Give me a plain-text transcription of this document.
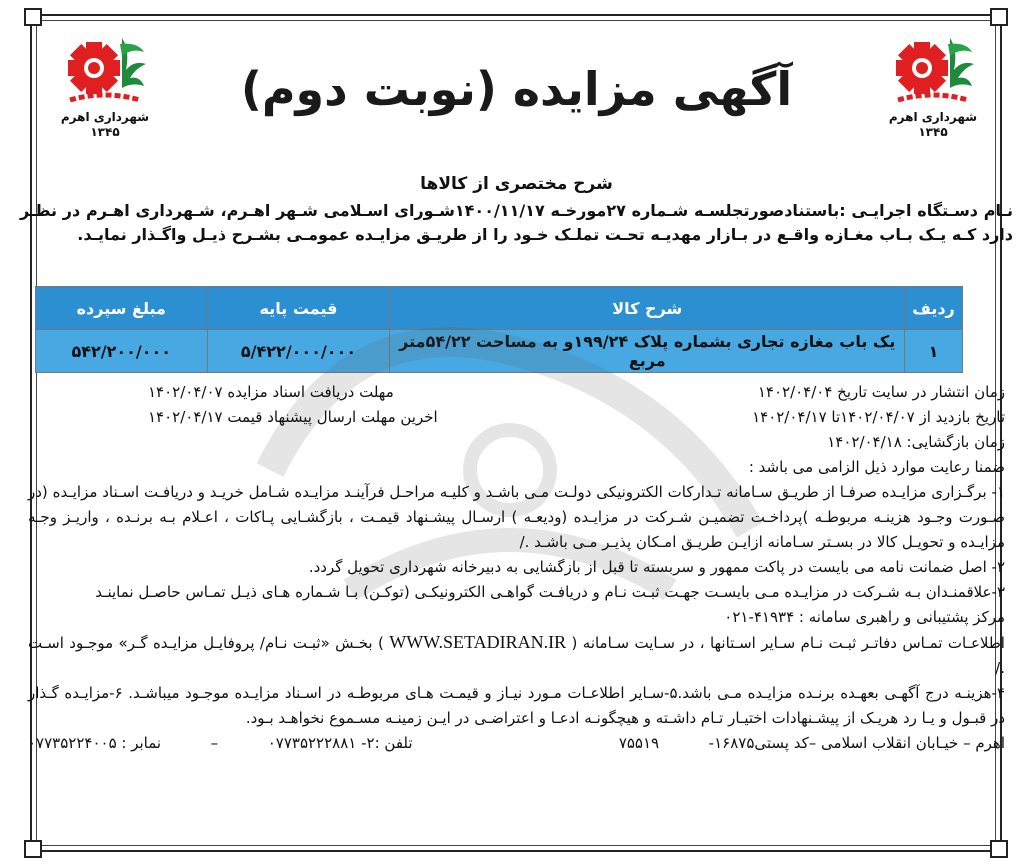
شهرداری اهرم
۱۳۴۵
شهرداری اهرم
۱۳۴۵
آگهی مزایده (نوبت دوم)
شرح مختصری از کالاها
نـام دسـتگاه اجرایـی :باستنادصورتجلسـه شـماره ۲۷مورخـه ۱۴۰۰/۱۱/۱۷شـورای اسـلامی شـهر اهـرم، شـهرداری اهـرم در نظـر دارد کـه یـک بـاب مغـازه واقـع در بـازار مهدیـه تحـت تملـک خـود را از طریـق مزایـده عمومـی بشـرح ذیـل واگـذار نمایـد.
ردیف	شرح کالا	قیمت پایه	مبلغ سپرده
۱	یک باب مغازه تجاری بشماره پلاک ۱۹۹/۲۴و به مساحت ۵۴/۲۲متر مربع	۵/۴۲۲/۰۰۰/۰۰۰	۵۴۲/۲۰۰/۰۰۰

زمان انتشار در سایت تاریخ ۱۴۰۲/۰۴/۰۴
مهلت دریافت اسناد مزایده ۱۴۰۲/۰۴/۰۷

تاریخ بازدید از ۱۴۰۲/۰۴/۰۷تا ۱۴۰۲/۰۴/۱۷
اخرین مهلت ارسال پیشنهاد قیمت ۱۴۰۲/۰۴/۱۷

زمان بازگشایی: ۱۴۰۲/۰۴/۱۸

ضمنا رعایت موارد ذیل الزامی می باشد :

۱- برگـزاری مزایـده صرفـا از طریـق سـامانه تـدارکات الکترونیکی دولـت مـی باشـد و کلیـه مراحـل فرآینـد مزایـده شـامل خریـد و دریافـت اسـناد مزایـده (در صـورت وجـود هزینـه مربوطـه )پرداخـت تضمیـن شـرکت در مزایـده (ودیعـه ) ارسـال پیشـنهاد قیمـت ، بازگشـایی پـاکات ، اعـلام بـه برنـده ، واریـز وجـه مزایـده و تحویـل کالا در بسـتر سـامانه ازایـن طریـق امـکان پذیـر مـی باشـد ./

۲- اصل ضمانت نامه می بایست در پاکت ممهور و سربسته تا قبل از بازگشایی به دبیرخانه شهرداری تحویل گردد.

۳-علاقمنـدان بـه شـرکت در مزایـده مـی بایسـت جهـت ثبـت نـام و دریافـت گواهـی الکترونیکـی (توکـن) بـا شـماره هـای ذیـل تمـاس حاصـل نماینـد

مرکز پشتیبانی و راهبری سامانه : ۴۱۹۳۴-۰۲۱

اطلاعـات تمـاس دفاتـر ثبـت نـام سـایر اسـتانها ، در سـایت سـامانه ( WWW.SETADIRAN.IR ) بخـش «ثبـت نـام/ پروفایـل مزایـده گـر» موجـود اسـت ./

۴-هزینـه درج آگهـی بعهـده برنـده مزایـده مـی باشد.۵-سـایر اطلاعـات مـورد نیـاز و قیمـت هـای مربوطـه در اسـناد مزایـده موجـود میباشـد. ۶-مزایـده گـذار در قبـول و یـا رد هریـک از پیشـنهادات اختیـار تـام داشـته و هیچگونـه ادعـا و اعتراضـی در ایـن زمینـه مسـموع نخواهـد بـود.

اهرم – خیـابان انقلاب اسلامی –کد پستی۱۶۸۷۵-  ۷۵۵۱۹
تلفن :۲- ۰۷۷۳۵۲۲۲۸۸۱  –  نمابر : ۰۷۷۳۵۲۲۴۰۰۵
